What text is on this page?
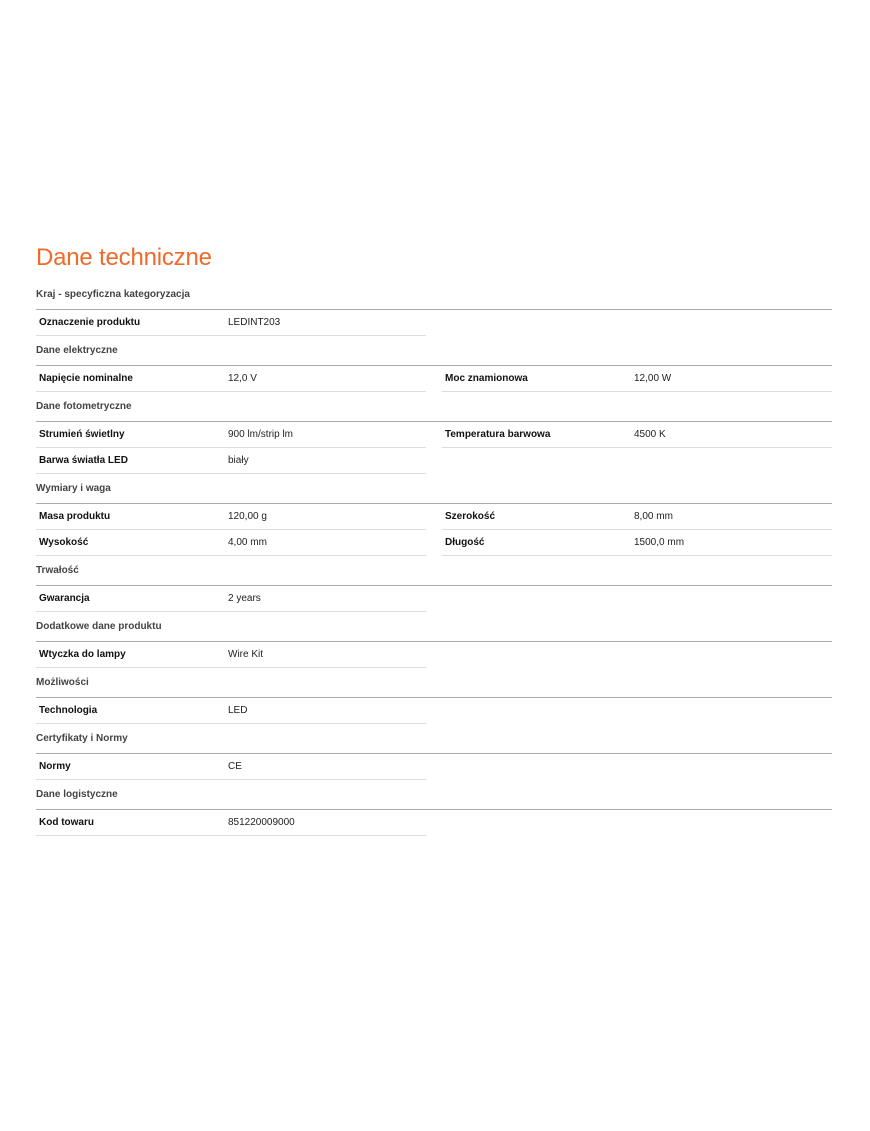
Dane techniczne
Kraj - specyficzna kategoryzacja
Oznaczenie produktu	LEDINT203
Dane elektryczne
Napięcie nominalne	12,0 V	Moc znamionowa	12,00 W
Dane fotometryczne
Strumień świetlny	900 lm/strip lm	Temperatura barwowa	4500 K
Barwa światła LED	biały
Wymiary i waga
Masa produktu	120,00 g	Szerokość	8,00 mm
Wysokość	4,00 mm	Długość	1500,0 mm
Trwałość
Gwarancja	2 years
Dodatkowe dane produktu
Wtyczka do lampy	Wire Kit
Możliwości
Technologia	LED
Certyfikaty i Normy
Normy	CE
Dane logistyczne
Kod towaru	851220009000
